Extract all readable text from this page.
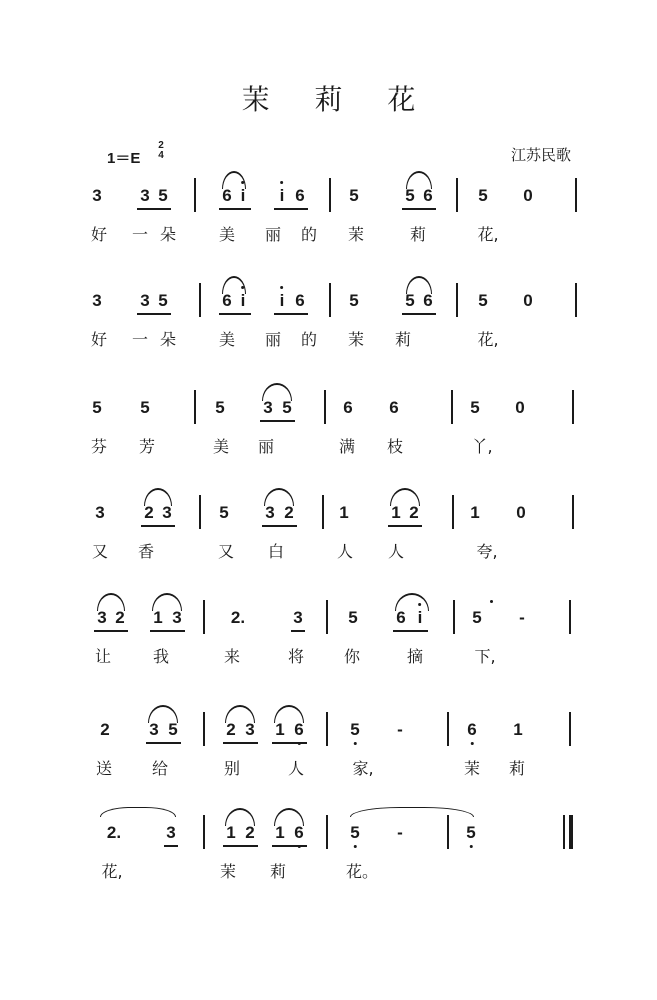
茉 莉 花
1＝E
2
4	江苏民歌
3 3 5	6 i i 6	5	5 6	5 0
好	一朵 美	丽的 茉	莉	花,
3 3 5	6 i i 6	5	5 6	5 0
好	一朵 美	丽的 茉 莉	花,
5 5	5 3 5	6 6	5 0
芬 芳	美 丽	满 枝	丫,
3 2 3	5 3 2	1	1 2	1 0
又 香	又 白	人 人	夸,
3 2 1 3	2.	3	5 6 i	5 -
让	我	来	将 你	摘	下,
2 3 5	2 3 1 6	5 -	6 1
送 给	别	人	家,	茉 莉
2.	3	1 2 1 6	5 -	5
花,	茉 莉	花。
